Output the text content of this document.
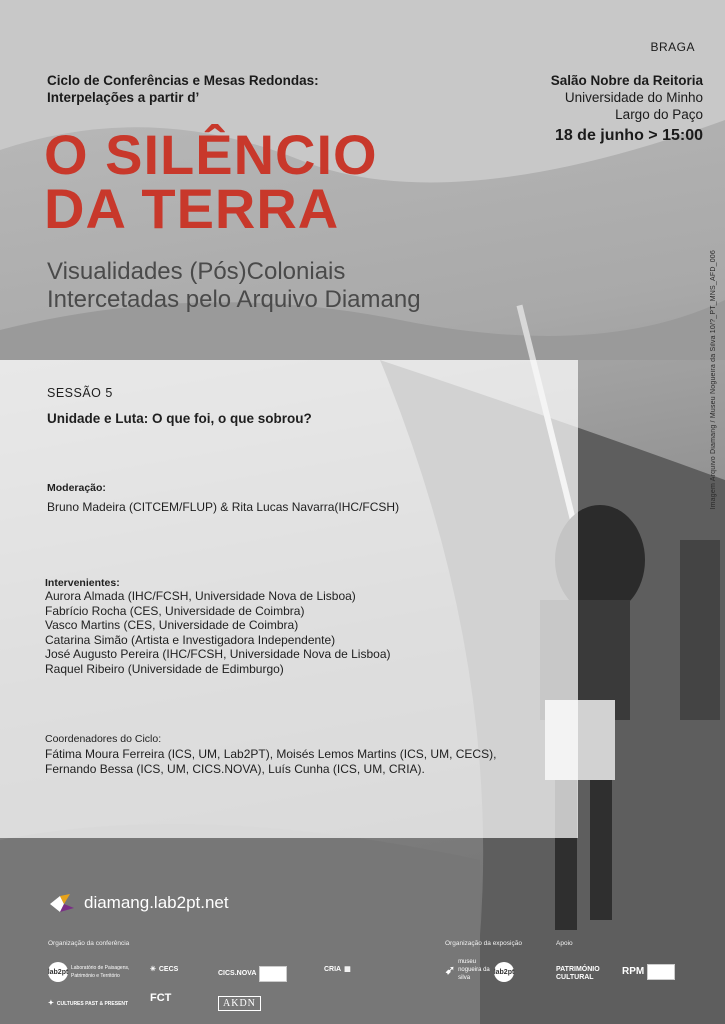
BRAGA
Ciclo de Conferências e Mesas Redondas:
Interpelações a partir d’
Salão Nobre da Reitoria
Universidade do Minho
Largo do Paço
18 de junho > 15:00
O SILÊNCIO
DA TERRA
Visualidades (Pós)Coloniais
Intercetadas pelo Arquivo Diamang	Imagem Arquivo Diamang / Museu Nogueira da Silva 10/?_PT_MNS_AFD_006
SESSÃO 5
Unidade e Luta: O que foi, o que sobrou?
Moderação:
Bruno Madeira (CITCEM/FLUP) & Rita Lucas Navarra(IHC/FCSH)
Intervenientes:
Aurora Almada (IHC/FCSH, Universidade Nova de Lisboa)
Fabrício Rocha (CES, Universidade de Coimbra)
Vasco Martins (CES, Universidade de Coimbra)
Catarina Simão (Artista e Investigadora Independente)
José Augusto Pereira (IHC/FCSH, Universidade Nova de Lisboa)
Raquel Ribeiro (Universidade de Edimburgo)
Coordenadores do Ciclo:
Fátima Moura Ferreira (ICS, UM, Lab2PT), Moisés Lemos Martins (ICS, UM, CECS),
Fernando Bessa (ICS, UM, CICS.NOVA), Luís Cunha (ICS, UM, CRIA).
diamang.lab2pt.net
Organização da conferência	Organização da exposição	Apoio
lab2pt
Laboratório de Paisagens, Património e Território
✳ CECS
CICS.NOVA
CRIA ▦
FCT
✦ CULTURES PAST & PRESENT	AKDN
➹
museu nogueira da silva
lab2pt	PATRIMÓNIO CULTURAL
RPM
